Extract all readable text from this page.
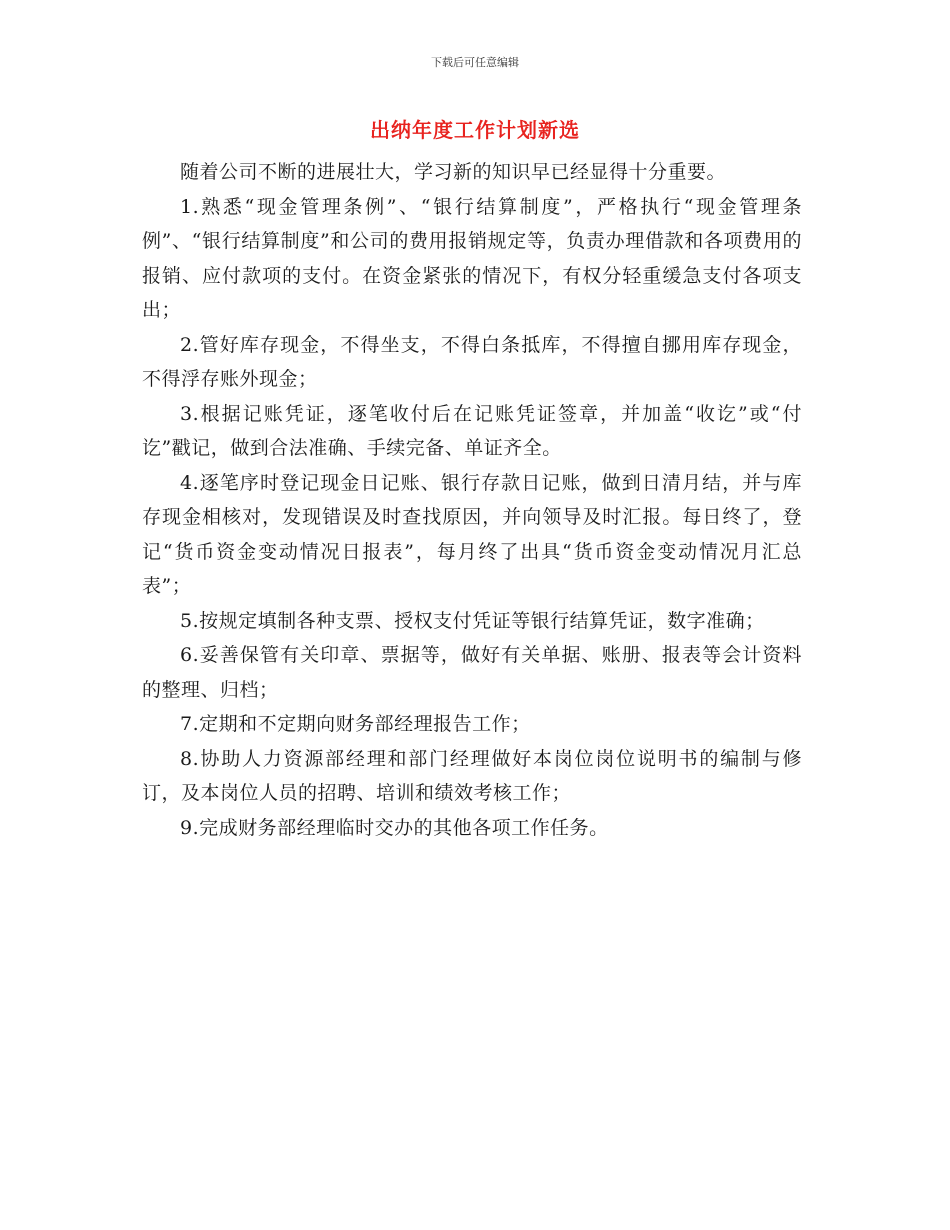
下载后可任意编辑
出纳年度工作计划新选

随着公司不断的进展壮大，学习新的知识早已经显得十分重要。

1.熟悉“现金管理条例”、“银行结算制度”，严格执行“现金管理条例”、“银行结算制度”和公司的费用报销规定等，负责办理借款和各项费用的报销、应付款项的支付。在资金紧张的情况下，有权分轻重缓急支付各项支出；

2.管好库存现金，不得坐支，不得白条抵库，不得擅自挪用库存现金，不得浮存账外现金；

3.根据记账凭证，逐笔收付后在记账凭证签章，并加盖“收讫”或“付讫”戳记，做到合法准确、手续完备、单证齐全。

4.逐笔序时登记现金日记账、银行存款日记账，做到日清月结，并与库存现金相核对，发现错误及时查找原因，并向领导及时汇报。每日终了，登记“货币资金变动情况日报表”，每月终了出具“货币资金变动情况月汇总表”；

5.按规定填制各种支票、授权支付凭证等银行结算凭证，数字准确；

6.妥善保管有关印章、票据等，做好有关单据、账册、报表等会计资料的整理、归档；

7.定期和不定期向财务部经理报告工作；

8.协助人力资源部经理和部门经理做好本岗位岗位说明书的编制与修订，及本岗位人员的招聘、培训和绩效考核工作；

9.完成财务部经理临时交办的其他各项工作任务。
